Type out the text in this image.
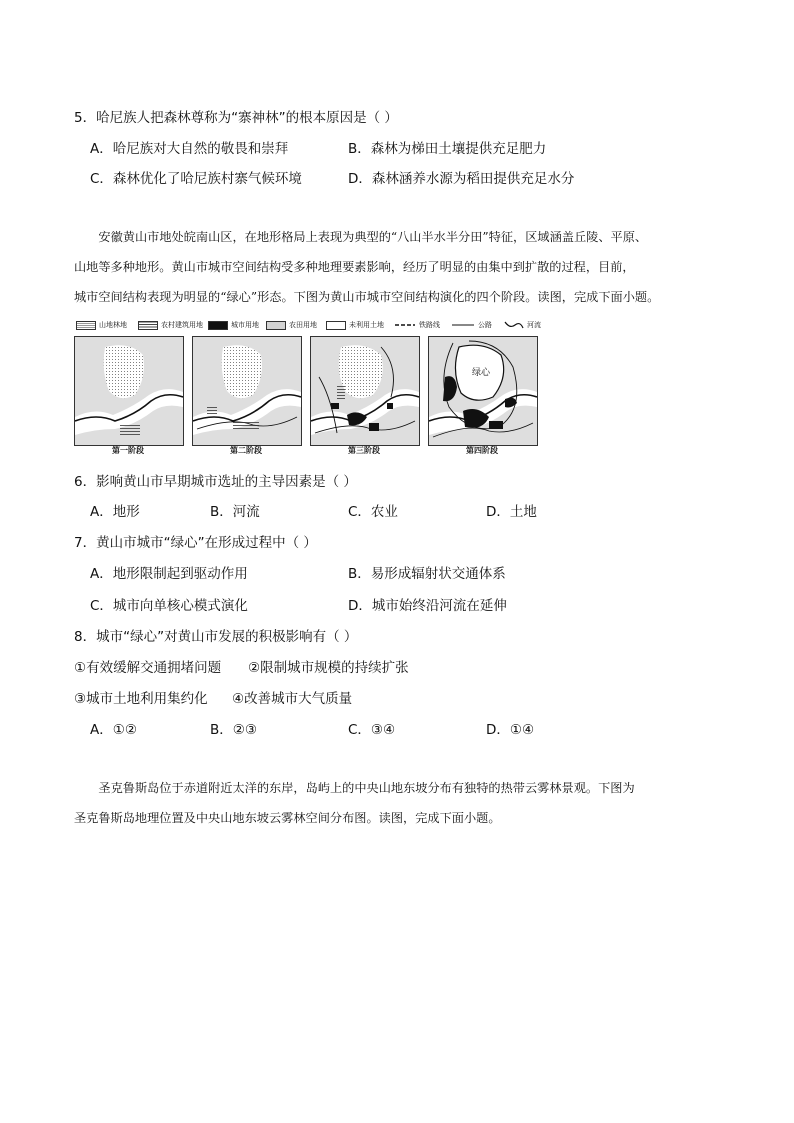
5．哈尼族人把森林尊称为“寨神林”的根本原因是（ ）
A．哈尼族对大自然的敬畏和崇拜	B．森林为梯田土壤提供充足肥力
C．森林优化了哈尼族村寨气候环境	D．森林涵养水源为稻田提供充足水分

安徽黄山市地处皖南山区，在地形格局上表现为典型的“八山半水半分田”特征，区域涵盖丘陵、平原、

山地等多种地形。黄山市城市空间结构受多种地理要素影响，经历了明显的由集中到扩散的过程，目前，

城市空间结构表现为明显的“绿心”形态。下图为黄山市城市空间结构演化的四个阶段。读图，完成下面小题。

山地林地	农村建筑用地	城市用地	农田用地	未利用土地	铁路线	公路	河流
第一阶段	第二阶段	第三阶段
绿心
第四阶段
6．影响黄山市早期城市选址的主导因素是（ ）
A．地形	B．河流	C．农业	D．土地
7．黄山市城市“绿心”在形成过程中（ ）
A．地形限制起到驱动作用	B．易形成辐射状交通体系
C．城市向单核心模式演化	D．城市始终沿河流在延伸
8．城市“绿心”对黄山市发展的积极影响有（ ）
①有效缓解交通拥堵问题 ②限制城市规模的持续扩张
③城市土地利用集约化 ④改善城市大气质量
A．①②	B．②③	C．③④	D．①④

圣克鲁斯岛位于赤道附近太洋的东岸，岛屿上的中央山地东坡分布有独特的热带云雾林景观。下图为

圣克鲁斯岛地理位置及中央山地东坡云雾林空间分布图。读图，完成下面小题。
